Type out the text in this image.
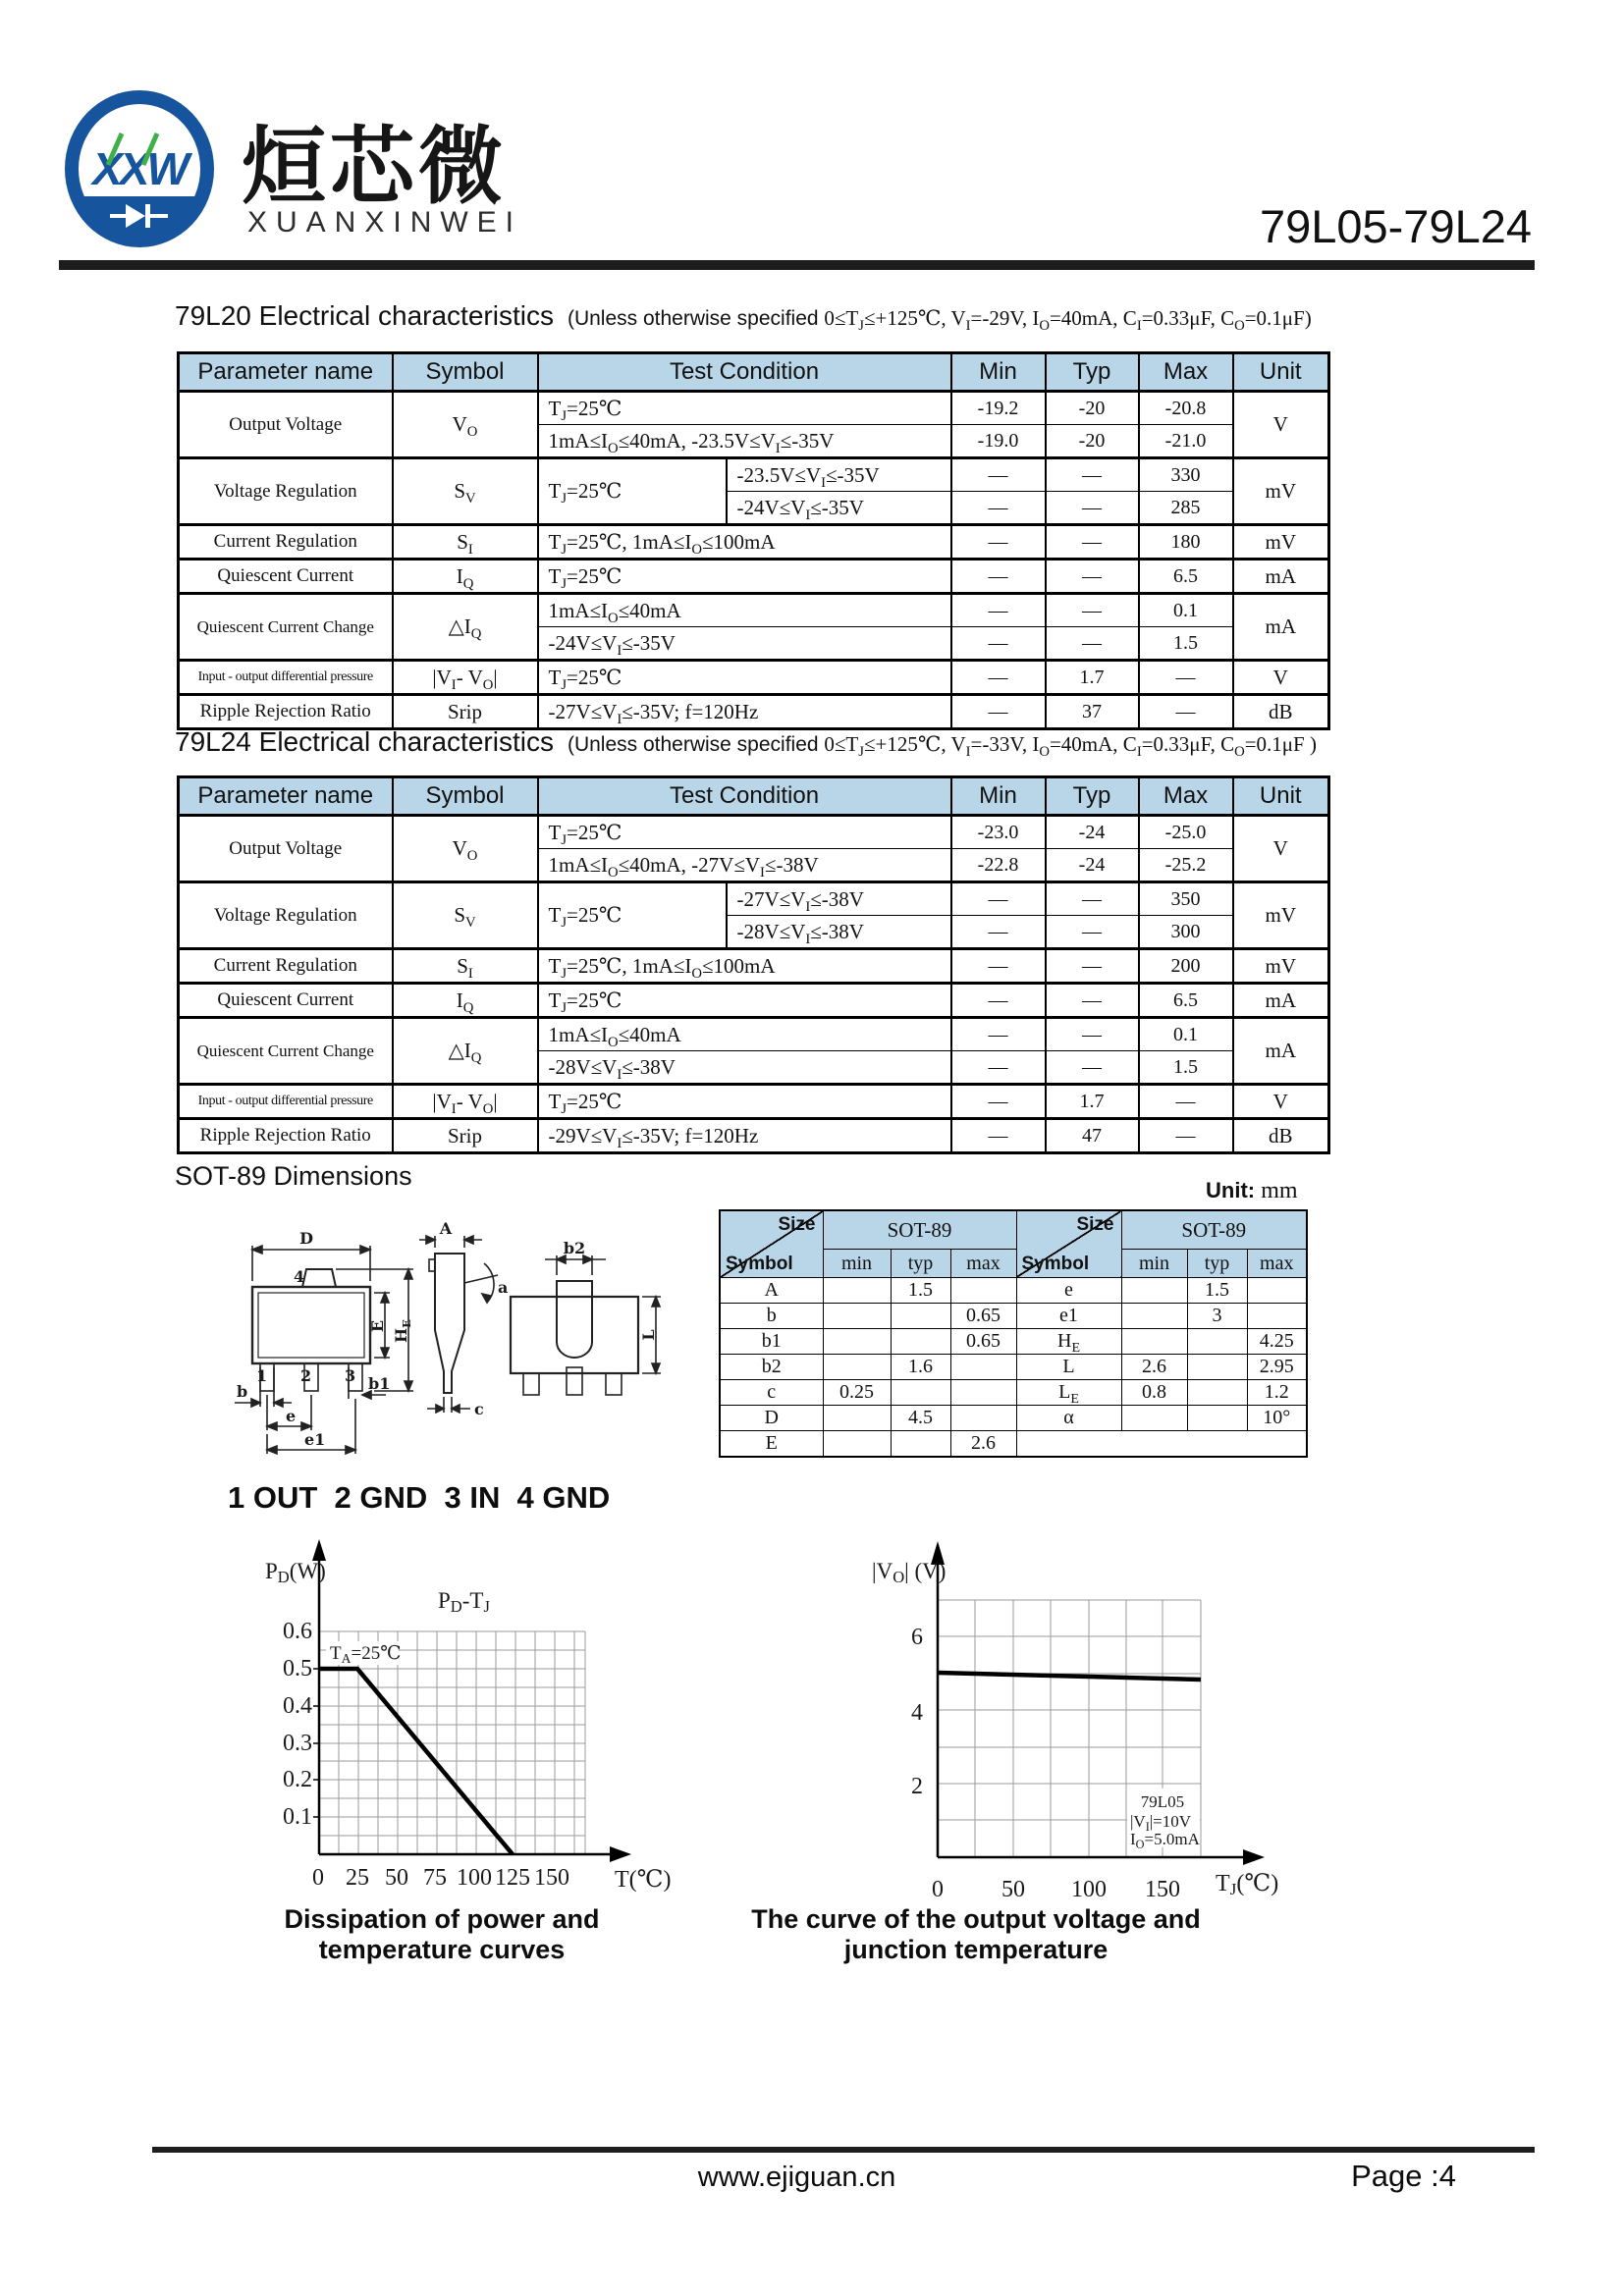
XXW 烜芯微
XUANXINWEI	79L05-79L24
79L20 Electrical characteristics (Unless otherwise specified $0\le T_J\le+125℃$, $V_I=-29V$, $I_O=40mA$, $C_I=0.33\mu F$, $C_O=0.1\mu F$)
Parameter name	Symbol	Test Condition		Min	Typ	Max	Unit
Output Voltage	$V_O$	$T_J=25℃$		-19.2	-20	-20.8	V
		$1mA\le I_O\le 40mA$, $-23.5V\le V_I\le-35V$		-19.0	-20	-21.0	
Voltage Regulation	$S_V$	$T_J=25℃$	$-23.5V\le V_I\le-35V$	—	—	330	mV
			$-24V\le V_I\le-35V$	—	—	285	
Current Regulation	$S_I$	$T_J=25℃$, $1mA\le I_O\le 100mA$		—	—	180	mV
Quiescent Current	$I_Q$	$T_J=25℃$		—	—	6.5	mA
Quiescent Current Change	$\triangle I_Q$	$1mA\le I_O\le 40mA$		—	—	0.1	mA
		$-24V\le V_I\le-35V$		—	—	1.5	
Input - output differential pressure	$|V_I-$ $V_O|$	$T_J=25℃$		—	1.7	—	V
Ripple Rejection Ratio	Srip	$-27V\le V_I\le-35V$; f=120Hz		—	37	—	dB
79L24 Electrical characteristics (Unless otherwise specified $0\le T_J\le+125℃$, $V_I=-33V$, $I_O=40mA$, $C_I=0.33\mu F$, $C_O=0.1\mu F$ )
Parameter name	Symbol	Test Condition		Min	Typ	Max	Unit
Output Voltage	$V_O$	$T_J=25℃$		-23.0	-24	-25.0	V
		$1mA\le I_O\le 40mA$, $-27V\le V_I\le-38V$		-22.8	-24	-25.2	
Voltage Regulation	$S_V$	$T_J=25℃$	$-27V\le V_I\le-38V$	—	—	350	mV
			$-28V\le V_I\le-38V$	—	—	300	
Current Regulation	$S_I$	$T_J=25℃$, $1mA\le I_O\le 100mA$		—	—	200	mV
Quiescent Current	$I_Q$	$T_J=25℃$		—	—	6.5	mA
Quiescent Current Change	$\triangle I_Q$	$1mA\le I_O\le 40mA$		—	—	0.1	mA
		$-28V\le V_I\le-38V$		—	—	1.5	
Input - output differential pressure	$|V_I-$ $V_O|$	$T_J=25℃$		—	1.7	—	V
Ripple Rejection Ratio	Srip	$-29V\le V_I\le-35V$; f=120Hz		—	47	—	dB
SOT-89 Dimensions	Unit: mm
D
4
1 2 3
E
$H_E$
b	b1
e
e1
A
a
c
b2
L
Size
Symbol	SOT-89			Size
Symbol	SOT-89		
	min	typ	max		min	typ	max
A		1.5		e		1.5	
b			0.65	e1		3	
b1			0.65	$H_E$			4.25
b2		1.6		L	2.6		2.95
c	0.25			$L_E$	0.8		1.2
D		4.5		α			10°
E			2.6				
1 OUT  2 GND  3 IN  4 GND
$T_A=25℃$
PD(W)
PD-TJ
0.6
0.5
0.4
0.3
0.2
0.1
0 25 50 75 100 125 150 T(℃)
Dissipation of power and temperature curves
79L05
$|V_I|=10V$
$I_O=5.0mA$
|VO| (V)
6
4
2
0 50 100 150 TJ(℃)
The curve of the output voltage and junction temperature
www.ejiguan.cn	Page :4
